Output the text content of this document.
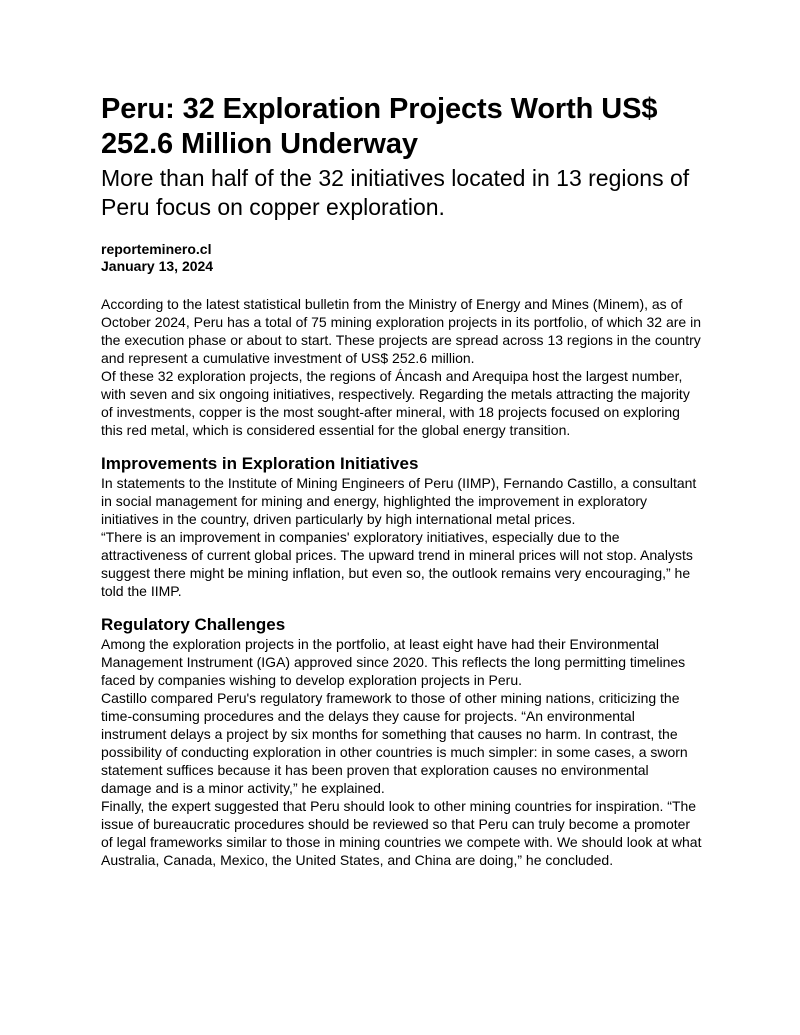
Peru: 32 Exploration Projects Worth US$ 252.6 Million Underway
More than half of the 32 initiatives located in 13 regions of Peru focus on copper exploration.
reporteminero.cl
January 13, 2024

According to the latest statistical bulletin from the Ministry of Energy and Mines (Minem), as of October 2024, Peru has a total of 75 mining exploration projects in its portfolio, of which 32 are in the execution phase or about to start. These projects are spread across 13 regions in the country and represent a cumulative investment of US$ 252.6 million.

Of these 32 exploration projects, the regions of Áncash and Arequipa host the largest number, with seven and six ongoing initiatives, respectively. Regarding the metals attracting the majority of investments, copper is the most sought-after mineral, with 18 projects focused on exploring this red metal, which is considered essential for the global energy transition.

Improvements in Exploration Initiatives

In statements to the Institute of Mining Engineers of Peru (IIMP), Fernando Castillo, a consultant in social management for mining and energy, highlighted the improvement in exploratory initiatives in the country, driven particularly by high international metal prices.

“There is an improvement in companies' exploratory initiatives, especially due to the attractiveness of current global prices. The upward trend in mineral prices will not stop. Analysts suggest there might be mining inflation, but even so, the outlook remains very encouraging,” he told the IIMP.

Regulatory Challenges

Among the exploration projects in the portfolio, at least eight have had their Environmental Management Instrument (IGA) approved since 2020. This reflects the long permitting timelines faced by companies wishing to develop exploration projects in Peru.

Castillo compared Peru's regulatory framework to those of other mining nations, criticizing the time-consuming procedures and the delays they cause for projects. “An environmental instrument delays a project by six months for something that causes no harm. In contrast, the possibility of conducting exploration in other countries is much simpler: in some cases, a sworn statement suffices because it has been proven that exploration causes no environmental damage and is a minor activity,” he explained.

Finally, the expert suggested that Peru should look to other mining countries for inspiration. “The issue of bureaucratic procedures should be reviewed so that Peru can truly become a promoter of legal frameworks similar to those in mining countries we compete with. We should look at what Australia, Canada, Mexico, the United States, and China are doing,” he concluded.
